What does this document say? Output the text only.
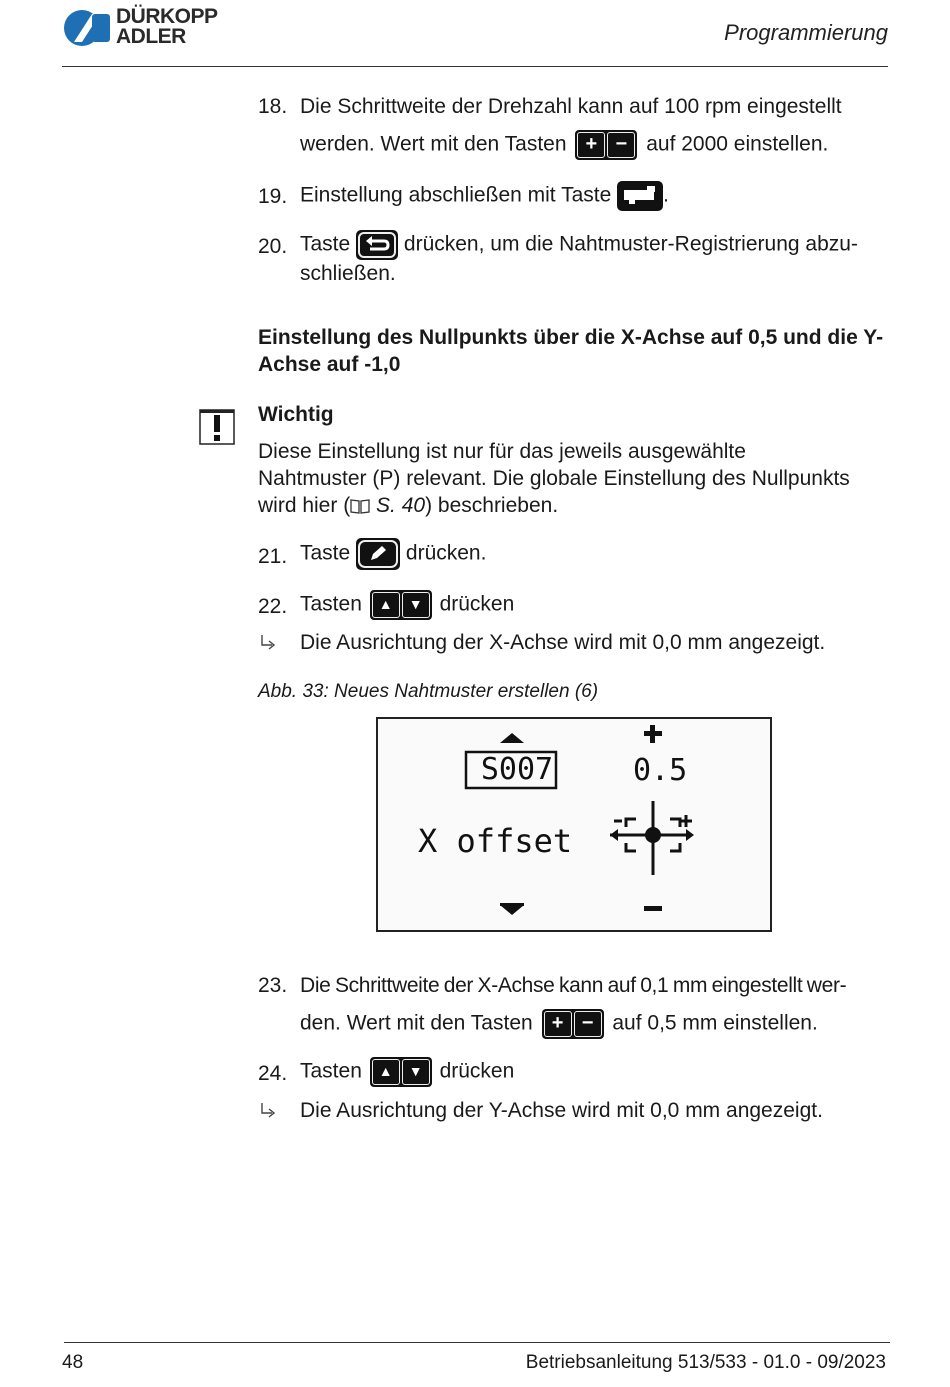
DÜRKOPP
ADLER	Programmierung
18. Die Schrittweite der Drehzahl kann auf 100 rpm eingestellt
werden. Wert mit den Tasten + − auf 2000 einstellen.
19. Einstellung abschließen mit Taste .
20. Taste	drücken, um die Nahtmuster-Registrierung abzu-
schließen.
Einstellung des Nullpunkts über die X-Achse auf 0,5 und die Y-Achse auf -1,0
Wichtig
Diese Einstellung ist nur für das jeweils ausgewählte
Nahtmuster (P) relevant. Die globale Einstellung des Nullpunkts
wird hier ( S. 40) beschrieben.
21. Taste	drücken.
22. Tasten	▲	▼ drücken
Die Ausrichtung der X-Achse wird mit 0,0 mm angezeigt.
Abb. 33: Neues Nahtmuster erstellen (6)
S007	0.5
X offset
23. Die Schrittweite der X-Achse kann auf 0,1 mm eingestellt wer-
den. Wert mit den Tasten + − auf 0,5 mm einstellen.
24. Tasten	▲	▼ drücken
Die Ausrichtung der Y-Achse wird mit 0,0 mm angezeigt.
48	Betriebsanleitung 513/533 - 01.0 - 09/2023
